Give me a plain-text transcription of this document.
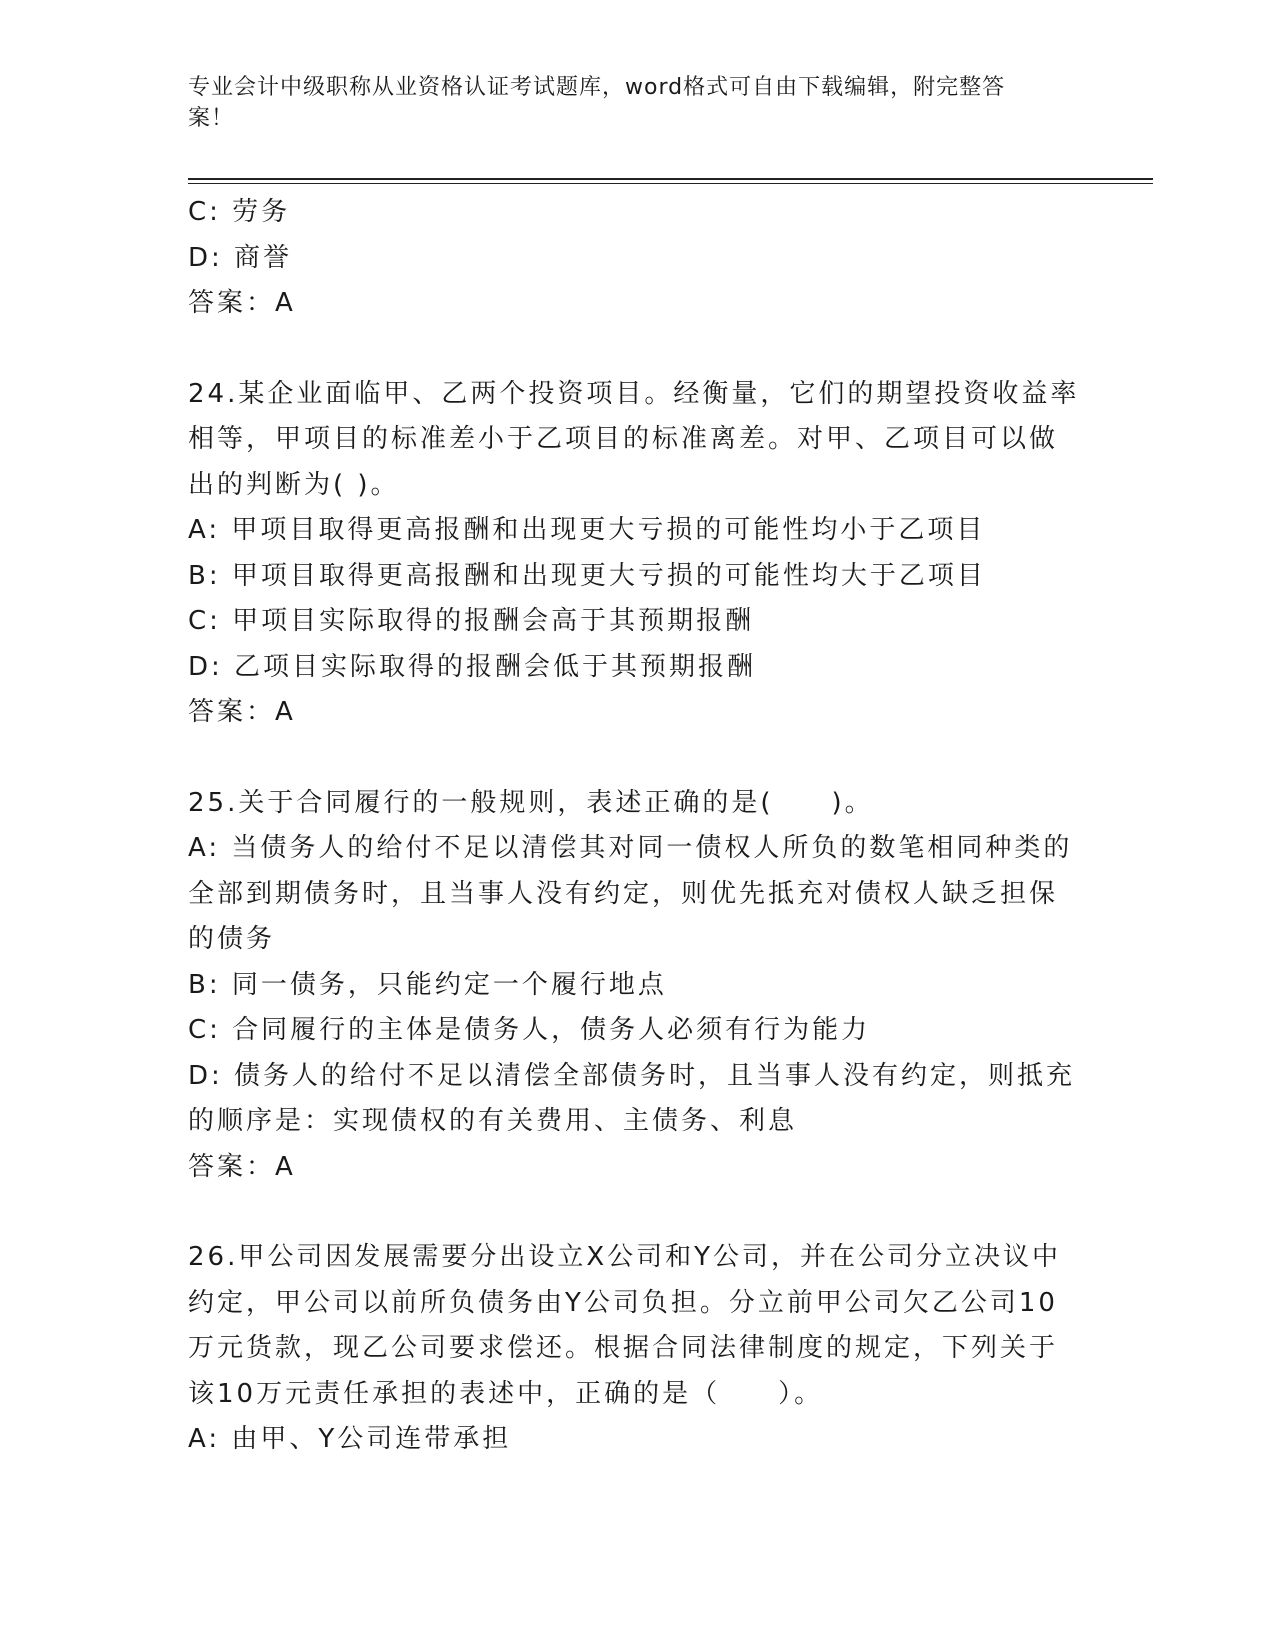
专业会计中级职称从业资格认证考试题库，word格式可自由下载编辑，附完整答
案！
C: 劳务
D: 商誉
答案：A
24.某企业面临甲、乙两个投资项目。经衡量，它们的期望投资收益率
相等，甲项目的标准差小于乙项目的标准离差。对甲、乙项目可以做
出的判断为( )。
A: 甲项目取得更高报酬和出现更大亏损的可能性均小于乙项目
B: 甲项目取得更高报酬和出现更大亏损的可能性均大于乙项目
C: 甲项目实际取得的报酬会高于其预期报酬
D: 乙项目实际取得的报酬会低于其预期报酬
答案：A
25.关于合同履行的一般规则，表述正确的是(　　)。
A: 当债务人的给付不足以清偿其对同一债权人所负的数笔相同种类的
全部到期债务时，且当事人没有约定，则优先抵充对债权人缺乏担保
的债务
B: 同一债务，只能约定一个履行地点
C: 合同履行的主体是债务人，债务人必须有行为能力
D: 债务人的给付不足以清偿全部债务时，且当事人没有约定，则抵充
的顺序是：实现债权的有关费用、主债务、利息
答案：A
26.甲公司因发展需要分出设立X公司和Y公司，并在公司分立决议中
约定，甲公司以前所负债务由Y公司负担。分立前甲公司欠乙公司10
万元货款，现乙公司要求偿还。根据合同法律制度的规定，下列关于
该10万元责任承担的表述中，正确的是（　　）。
A: 由甲、Y公司连带承担
